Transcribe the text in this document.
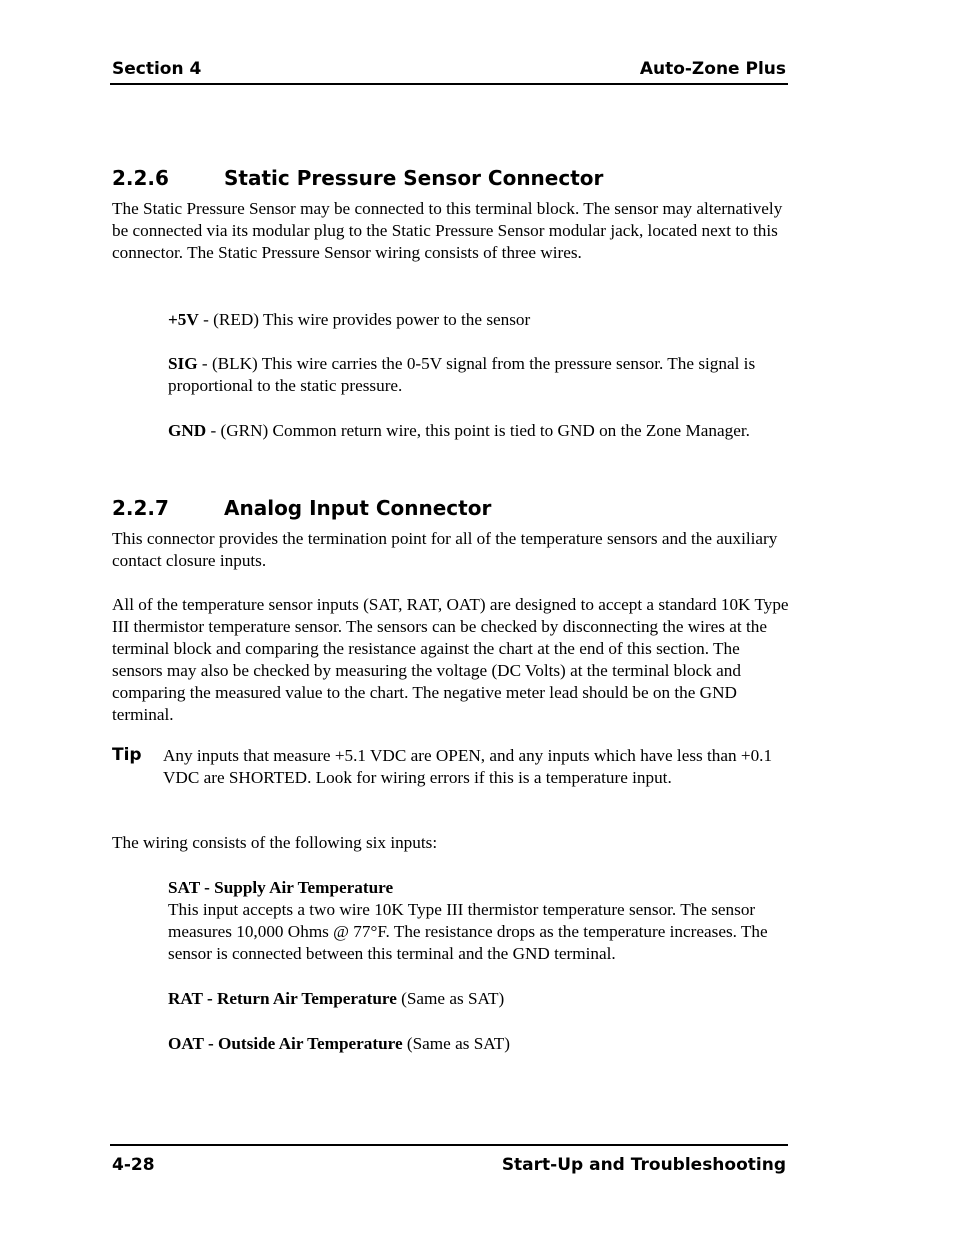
Section 4	Auto-Zone Plus
2.2.6	Static Pressure Sensor Connector
The Static Pressure Sensor may be connected to this terminal block. The sensor may alternatively be connected via its modular plug to the Static Pressure Sensor modular jack, located next to this connector. The Static Pressure Sensor wiring consists of three wires.
+5V - (RED) This wire provides power to the sensor
SIG - (BLK) This wire carries the 0-5V signal from the pressure sensor. The signal is proportional to the static pressure.
GND - (GRN) Common return wire, this point is tied to GND on the Zone Manager.
2.2.7	Analog Input Connector
This connector provides the termination point for all of the temperature sensors and the auxiliary contact closure inputs.
All of the temperature sensor inputs (SAT, RAT, OAT) are designed to accept a standard 10K Type III thermistor temperature sensor. The sensors can be checked by disconnecting the wires at the terminal block and comparing the resistance against the chart at the end of this section. The sensors may also be checked by measuring the voltage (DC Volts) at the terminal block and comparing the measured value to the chart. The negative meter lead should be on the GND terminal.
Tip Any inputs that measure +5.1 VDC are OPEN, and any inputs which have less than +0.1 VDC are SHORTED. Look for wiring errors if this is a temperature input.
The wiring consists of the following six inputs:
SAT - Supply Air Temperature
This input accepts a two wire 10K Type III thermistor temperature sensor. The sensor measures 10,000 Ohms @ 77°F. The resistance drops as the temperature increases. The sensor is connected between this terminal and the GND terminal.
RAT - Return Air Temperature (Same as SAT)
OAT - Outside Air Temperature (Same as SAT)
4-28	Start-Up and Troubleshooting
